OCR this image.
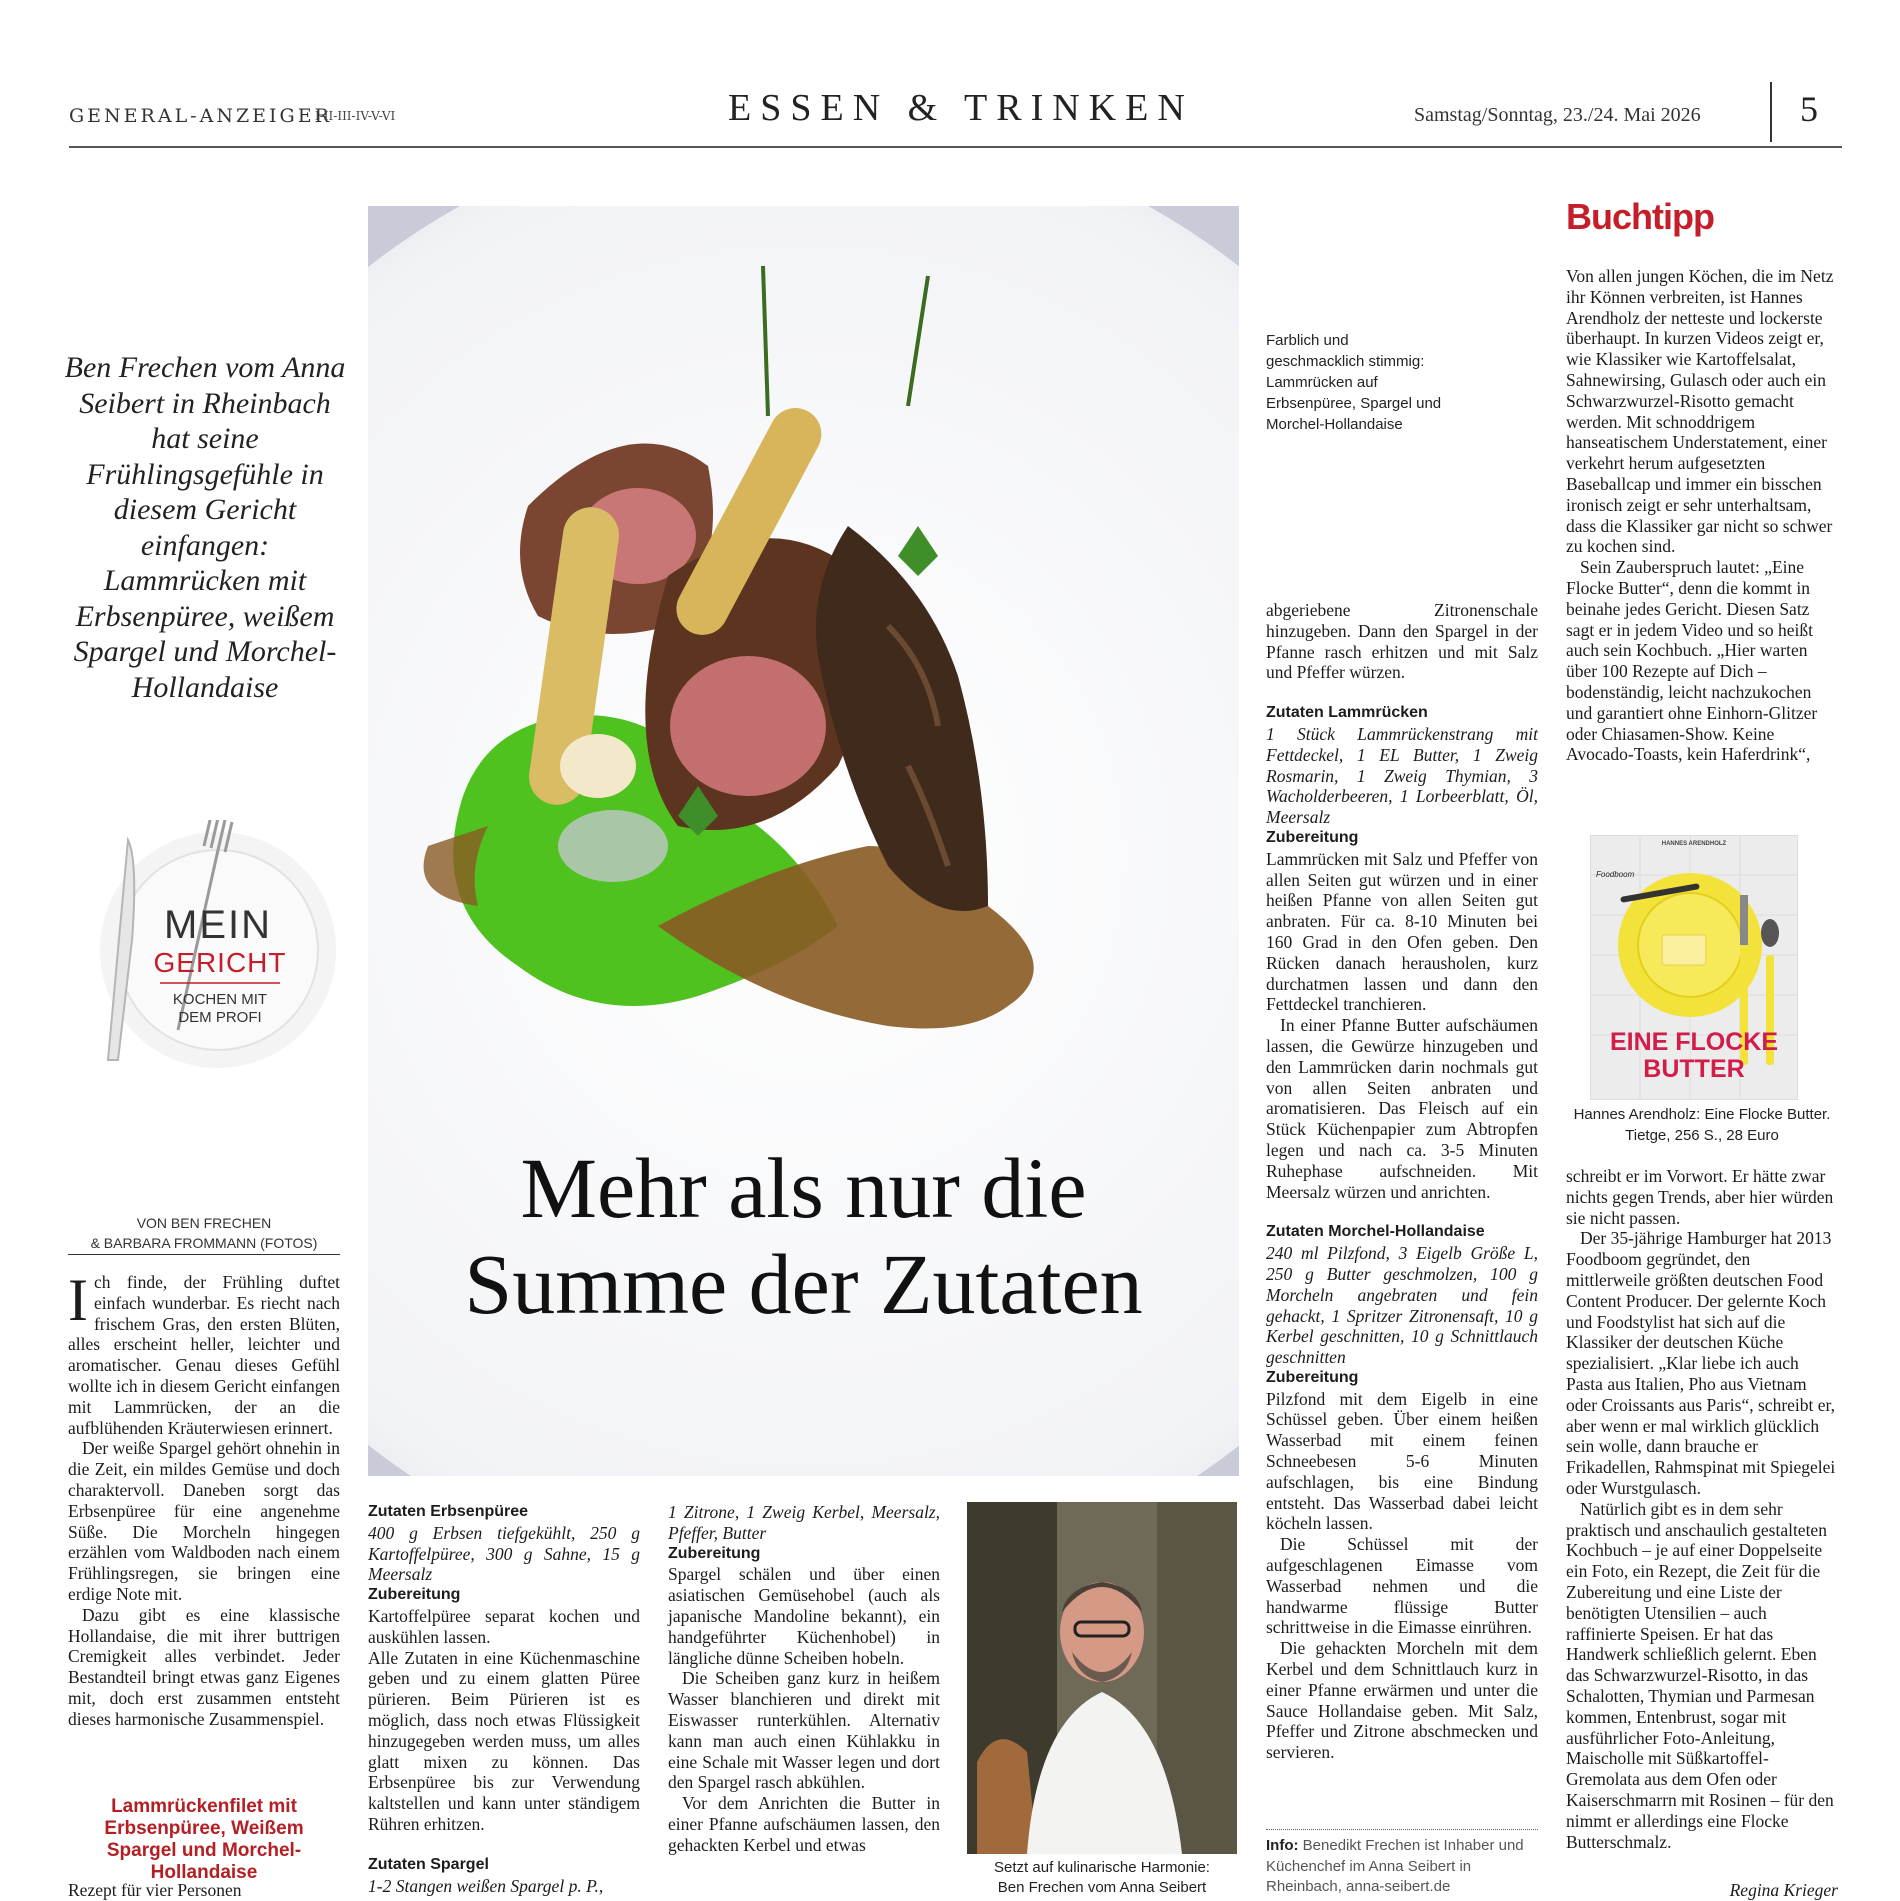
GENERAL-ANZEIGER
I-II-III-IV-V-VI	ESSEN & TRINKEN	Samstag/Sonntag, 23./24. Mai 2026	5
Ben Frechen vom Anna Seibert in Rheinbach hat seine Frühlingsgefühle in diesem Gericht einfangen: Lammrücken mit Erbsenpüree, weißem Spargel und Morchel-Hollandaise
MEIN
GERICHT
KOCHEN MIT
DEM PROFI
VON BEN FRECHEN
& BARBARA FROMMANN (FOTOS)

Ich finde, der Frühling duftet einfach wunderbar. Es riecht nach frischem Gras, den ersten Blüten, alles erscheint heller, leichter und aromatischer. Genau dieses Gefühl wollte ich in diesem Gericht einfangen mit Lammrücken, der an die aufblühenden Kräuterwiesen erinnert.

Der weiße Spargel gehört ohnehin in die Zeit, ein mildes Gemüse und doch charaktervoll. Daneben sorgt das Erbsenpüree für eine angenehme Süße. Die Morcheln hingegen erzählen vom Waldboden nach einem Frühlingsregen, sie bringen eine erdige Note mit.

Dazu gibt es eine klassische Hollandaise, die mit ihrer buttrigen Cremigkeit alles verbindet. Jeder Bestandteil bringt etwas ganz Eigenes mit, doch erst zusammen entsteht dieses harmonische Zusammenspiel.

Lammrückenfilet mit Erbsenpüree, Weißem Spargel und Morchel-Hollandaise
Rezept für vier Personen
Mehr als nur die
Summe der Zutaten
Zutaten Erbsenpüree
400 g Erbsen tiefgekühlt, 250 g Kartoffelpüree, 300 g Sahne, 15 g Meersalz
Zubereitung

Kartoffelpüree separat kochen und auskühlen lassen.

Alle Zutaten in eine Küchenmaschine geben und zu einem glatten Püree pürieren. Beim Pürieren ist es möglich, dass noch etwas Flüssigkeit hinzugegeben werden muss, um alles glatt mixen zu können. Das Erbsenpüree bis zur Verwendung kaltstellen und kann unter ständigem Rühren erhitzen.

Zutaten Spargel
1-2 Stangen weißen Spargel p. P.,
1 Zitrone, 1 Zweig Kerbel, Meersalz, Pfeffer, Butter
Zubereitung

Spargel schälen und über einen asiatischen Gemüsehobel (auch als japanische Mandoline bekannt), ein handgeführter Küchenhobel) in längliche dünne Scheiben hobeln.

Die Scheiben ganz kurz in heißem Wasser blanchieren und direkt mit Eiswasser runterkühlen. Alternativ kann man auch einen Kühlakku in eine Schale mit Wasser legen und dort den Spargel rasch abkühlen.

Vor dem Anrichten die Butter in einer Pfanne aufschäumen lassen, den gehackten Kerbel und etwas

Setzt auf kulinarische Harmonie:
Ben Frechen vom Anna Seibert
Farblich und geschmacklich stimmig: Lammrücken auf Erbsenpüree, Spargel und Morchel-Hollandaise

abgeriebene Zitronenschale hinzugeben. Dann den Spargel in der Pfanne rasch erhitzen und mit Salz und Pfeffer würzen.

Zutaten Lammrücken
1 Stück Lammrückenstrang mit Fettdeckel, 1 EL Butter, 1 Zweig Rosmarin, 1 Zweig Thymian, 3 Wacholderbeeren, 1 Lorbeerblatt, Öl, Meersalz
Zubereitung

Lammrücken mit Salz und Pfeffer von allen Seiten gut würzen und in einer heißen Pfanne von allen Seiten gut anbraten. Für ca. 8-10 Minuten bei 160 Grad in den Ofen geben. Den Rücken danach herausholen, kurz durchatmen lassen und dann den Fettdeckel tranchieren.

In einer Pfanne Butter aufschäumen lassen, die Gewürze hinzugeben und den Lammrücken darin nochmals gut von allen Seiten anbraten und aromatisieren. Das Fleisch auf ein Stück Küchenpapier zum Abtropfen legen und nach ca. 3-5 Minuten Ruhephase aufschneiden. Mit Meersalz würzen und anrichten.

Zutaten Morchel-Hollandaise
240 ml Pilzfond, 3 Eigelb Größe L, 250 g Butter geschmolzen, 100 g Morcheln angebraten und fein gehackt, 1 Spritzer Zitronensaft, 10 g Kerbel geschnitten, 10 g Schnittlauch geschnitten
Zubereitung

Pilzfond mit dem Eigelb in eine Schüssel geben. Über einem heißen Wasserbad mit einem feinen Schneebesen 5-6 Minuten aufschlagen, bis eine Bindung entsteht. Das Wasserbad dabei leicht köcheln lassen.

Die Schüssel mit der aufgeschlagenen Eimasse vom Wasserbad nehmen und die handwarme flüssige Butter schrittweise in die Eimasse einrühren.

Die gehackten Morcheln mit dem Kerbel und dem Schnittlauch kurz in einer Pfanne erwärmen und unter die Sauce Hollandaise geben. Mit Salz, Pfeffer und Zitrone abschmecken und servieren.

Info: Benedikt Frechen ist Inhaber und Küchenchef im Anna Seibert in Rheinbach, anna-seibert.de
Buchtipp

Von allen jungen Köchen, die im Netz ihr Können verbreiten, ist Hannes Arendholz der netteste und lockerste überhaupt. In kurzen Videos zeigt er, wie Klassiker wie Kartoffelsalat, Sahnewirsing, Gulasch oder auch ein Schwarzwurzel-Risotto gemacht werden. Mit schnoddrigem hanseatischem Understatement, einer verkehrt herum aufgesetzten Baseballcap und immer ein bisschen ironisch zeigt er sehr unterhaltsam, dass die Klassiker gar nicht so schwer zu kochen sind.

Sein Zauberspruch lautet: „Eine Flocke Butter“, denn die kommt in beinahe jedes Gericht. Diesen Satz sagt er in jedem Video und so heißt auch sein Kochbuch. „Hier warten über 100 Rezepte auf Dich – bodenständig, leicht nachzukochen und garantiert ohne Einhorn-Glitzer oder Chiasamen-Show. Keine Avocado-Toasts, kein Haferdrink“,

HANNES ARENDHOLZ
Foodboom
EINE FLOCKE
BUTTER
Hannes Arendholz: Eine Flocke Butter. Tietge, 256 S., 28 Euro

schreibt er im Vorwort. Er hätte zwar nichts gegen Trends, aber hier würden sie nicht passen.

Der 35-jährige Hamburger hat 2013 Foodboom gegründet, den mittlerweile größten deutschen Food Content Producer. Der gelernte Koch und Foodstylist hat sich auf die Klassiker der deutschen Küche spezialisiert. „Klar liebe ich auch Pasta aus Italien, Pho aus Vietnam oder Croissants aus Paris“, schreibt er, aber wenn er mal wirklich glücklich sein wolle, dann brauche er Frikadellen, Rahmspinat mit Spiegelei oder Wurstgulasch.

Natürlich gibt es in dem sehr praktisch und anschaulich gestalteten Kochbuch – je auf einer Doppelseite ein Foto, ein Rezept, die Zeit für die Zubereitung und eine Liste der benötigten Utensilien – auch raffinierte Speisen. Er hat das Handwerk schließlich gelernt. Eben das Schwarzwurzel-Risotto, in das Schalotten, Thymian und Parmesan kommen, Entenbrust, sogar mit ausführlicher Foto-Anleitung, Maischolle mit Süßkartoffel-Gremolata aus dem Ofen oder Kaiserschmarrn mit Rosinen – für den nimmt er allerdings eine Flocke Butterschmalz.

Regina Krieger
